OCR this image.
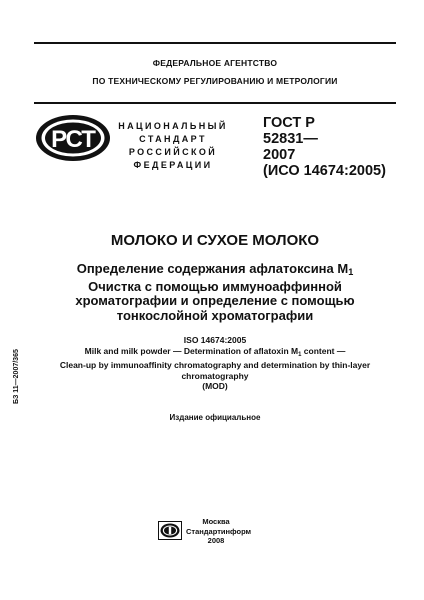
ФЕДЕРАЛЬНОЕ АГЕНТСТВО
ПО ТЕХНИЧЕСКОМУ РЕГУЛИРОВАНИЮ И МЕТРОЛОГИИ
РСТ	НАЦИОНАЛЬНЫЙ
СТАНДАРТ
РОССИЙСКОЙ
ФЕДЕРАЦИИ
ГОСТ Р
52831—
2007
(ИСО 14674:2005)
МОЛОКО И СУХОЕ МОЛОКО
Определение содержания афлатоксина $M_1$
Очистка с помощью иммуноаффинной
хроматографии и определение с помощью
тонкослойной хроматографии
ISO 14674:2005
Milk and milk powder — Determination of aflatoxin $M_1$ content —
Clean-up by immunoaffinity chromatography and determination by thin-layer
chromatography
(MOD)
Издание официальное
БЗ 11—2007/365
Москва
Стандартинформ
2008
